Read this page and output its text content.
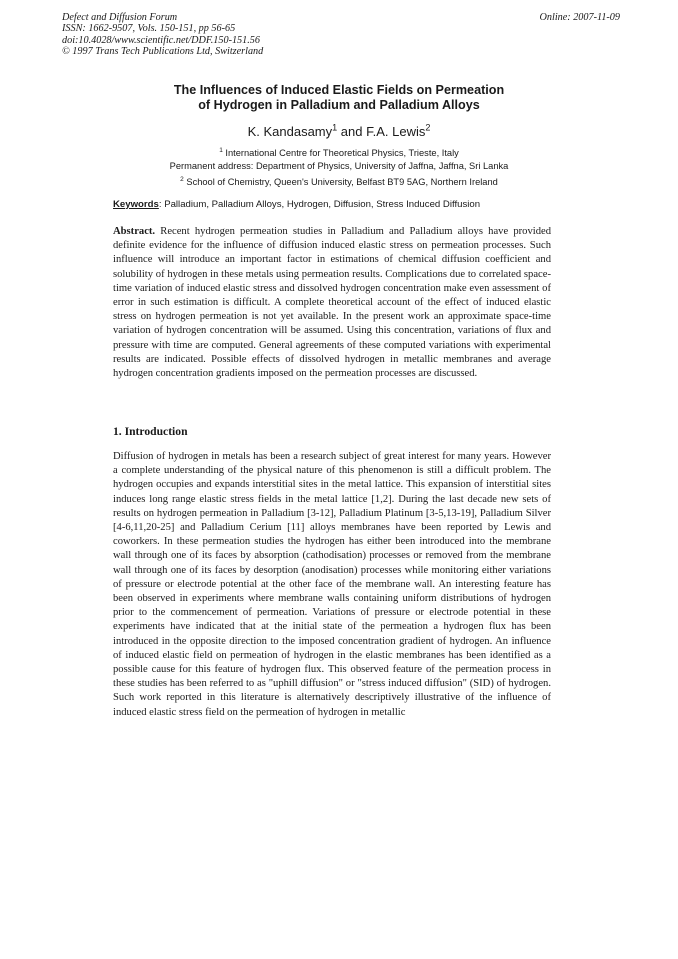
Defect and Diffusion Forum
ISSN: 1662-9507, Vols. 150-151, pp 56-65
doi:10.4028/www.scientific.net/DDF.150-151.56
© 1997 Trans Tech Publications Ltd, Switzerland
Online: 2007-11-09
The Influences of Induced Elastic Fields on Permeation
of Hydrogen in Palladium and Palladium Alloys
K. Kandasamy$^1$ and F.A. Lewis$^2$
$^1$ International Centre for Theoretical Physics, Trieste, Italy
Permanent address: Department of Physics, University of Jaffna, Jaffna, Sri Lanka
$^2$ School of Chemistry, Queen's University, Belfast BT9 5AG, Northern Ireland
Keywords: Palladium, Palladium Alloys, Hydrogen, Diffusion, Stress Induced Diffusion
Abstract. Recent hydrogen permeation studies in Palladium and Palladium alloys have provided definite evidence for the influence of diffusion induced elastic stress on permeation processes. Such influence will introduce an important factor in estimations of chemical diffusion coefficient and solubility of hydrogen in these metals using permeation results. Complications due to correlated space-time variation of induced elastic stress and dissolved hydrogen concentration make even assessment of error in such estimation is difficult. A complete theoretical account of the effect of induced elastic stress on hydrogen permeation is not yet available. In the present work an approximate space-time variation of hydrogen concentration will be assumed. Using this concentration, variations of flux and pressure with time are computed. General agreements of these computed variations with experimental results are indicated. Possible effects of dissolved hydrogen in metallic membranes and average hydrogen concentration gradients imposed on the permeation processes are discussed.
1. Introduction
Diffusion of hydrogen in metals has been a research subject of great interest for many years. However a complete understanding of the physical nature of this phenomenon is still a difficult problem. The hydrogen occupies and expands interstitial sites in the metal lattice. This expansion of interstitial sites induces long range elastic stress fields in the metal lattice [1,2]. During the last decade new sets of results on hydrogen permeation in Palladium [3-12], Palladium Platinum [3-5,13-19], Palladium Silver [4-6,11,20-25] and Palladium Cerium [11] alloys membranes have been reported by Lewis and coworkers. In these permeation studies the hydrogen has either been introduced into the membrane wall through one of its faces by absorption (cathodisation) processes or removed from the membrane wall through one of its faces by desorption (anodisation) processes while monitoring either variations of pressure or electrode potential at the other face of the membrane wall. An interesting feature has been observed in experiments where membrane walls containing uniform distributions of hydrogen prior to the commencement of permeation. Variations of pressure or electrode potential in these experiments have indicated that at the initial state of the permeation a hydrogen flux has been introduced in the opposite direction to the imposed concentration gradient of hydrogen. An influence of induced elastic field on permeation of hydrogen in the elastic membranes has been identified as a possible cause for this feature of hydrogen flux. This observed feature of the permeation process in these studies has been referred to as "uphill diffusion" or "stress induced diffusion" (SID) of hydrogen. Such work reported in this literature is alternatively descriptively illustrative of the influence of induced elastic stress field on the permeation of hydrogen in metallic
